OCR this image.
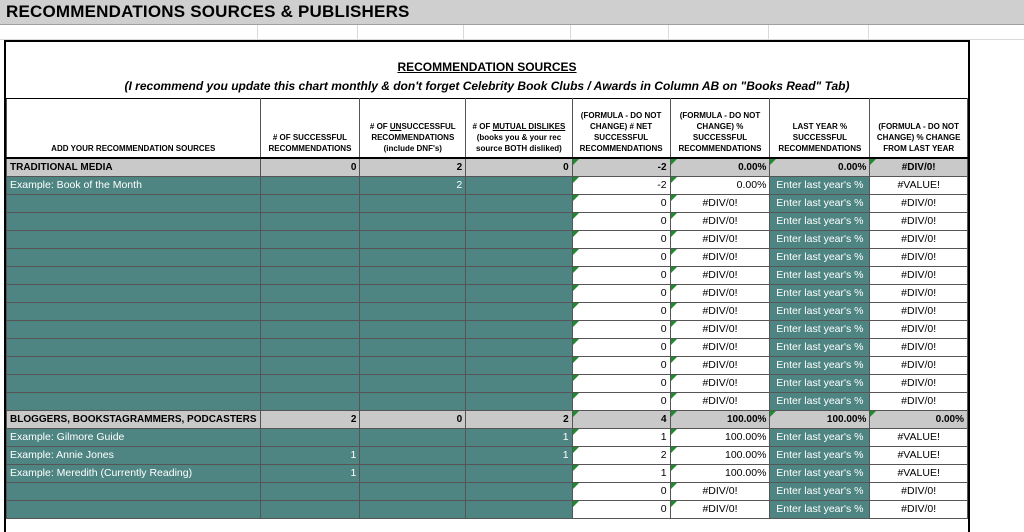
RECOMMENDATIONS SOURCES & PUBLISHERS
RECOMMENDATION SOURCES
(I recommend you update this chart monthly & don't forget Celebrity Book Clubs / Awards in Column AB on "Books Read" Tab)
ADD YOUR RECOMMENDATION SOURCES	# OF SUCCESSFUL RECOMMENDATIONS	# OF UNSUCCESSFUL RECOMMENDATIONS (include DNF's)	# OF MUTUAL DISLIKES (books you & your rec source BOTH disliked)	(FORMULA - DO NOT CHANGE) # NET SUCCESSFUL RECOMMENDATIONS	(FORMULA - DO NOT CHANGE) % SUCCESSFUL RECOMMENDATIONS	LAST YEAR % SUCCESSFUL RECOMMENDATIONS	(FORMULA - DO NOT CHANGE) % CHANGE FROM LAST YEAR
TRADITIONAL MEDIA	0	2	0	-2	0.00%	0.00%	#DIV/0!
Example: Book of the Month		2		-2	0.00%	Enter last year's %	#VALUE!
				0	#DIV/0!	Enter last year's %	#DIV/0!
				0	#DIV/0!	Enter last year's %	#DIV/0!
				0	#DIV/0!	Enter last year's %	#DIV/0!
				0	#DIV/0!	Enter last year's %	#DIV/0!
				0	#DIV/0!	Enter last year's %	#DIV/0!
				0	#DIV/0!	Enter last year's %	#DIV/0!
				0	#DIV/0!	Enter last year's %	#DIV/0!
				0	#DIV/0!	Enter last year's %	#DIV/0!
				0	#DIV/0!	Enter last year's %	#DIV/0!
				0	#DIV/0!	Enter last year's %	#DIV/0!
				0	#DIV/0!	Enter last year's %	#DIV/0!
				0	#DIV/0!	Enter last year's %	#DIV/0!
BLOGGERS, BOOKSTAGRAMMERS, PODCASTERS	2	0	2	4	100.00%	100.00%	0.00%
Example: Gilmore Guide			1	1	100.00%	Enter last year's %	#VALUE!
Example: Annie Jones	1		1	2	100.00%	Enter last year's %	#VALUE!
Example: Meredith (Currently Reading)	1			1	100.00%	Enter last year's %	#VALUE!
				0	#DIV/0!	Enter last year's %	#DIV/0!
				0	#DIV/0!	Enter last year's %	#DIV/0!
